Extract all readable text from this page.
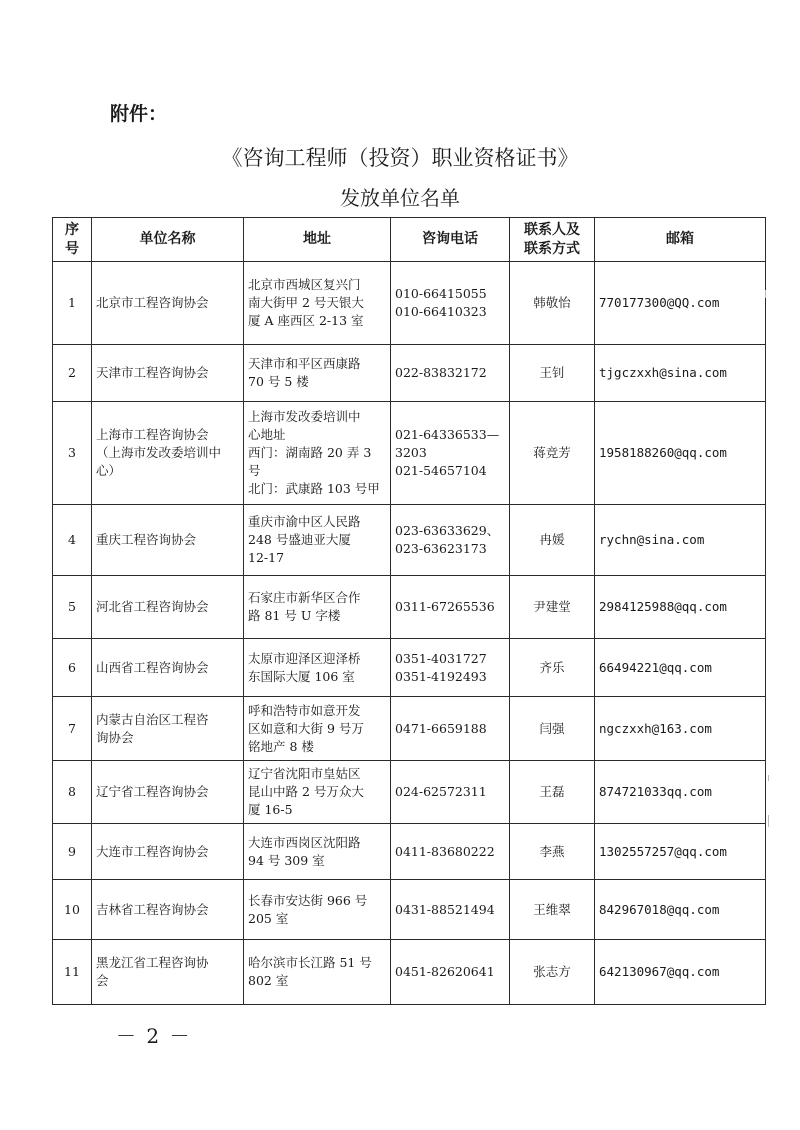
附件：
《咨询工程师（投资）职业资格证书》
发放单位名单
序
号	单位名称	地址	咨询电话	联系人及
联系方式	邮箱
1	北京市工程咨询协会	北京市西城区复兴门
南大街甲 2 号天银大
厦 A 座西区 2-13 室	010-66415055
010-66410323	韩敬怡	770177300@QQ.com
2	天津市工程咨询协会	天津市和平区西康路
70 号 5 楼	022-83832172	王钊	tjgczxxh@sina.com
3	上海市工程咨询协会
（上海市发改委培训中
心）	上海市发改委培训中
心地址
西门：湖南路 20 弄 3
号
北门：武康路 103 号甲	021-64336533—
3203
021-54657104	蒋竞芳	1958188260@qq.com
4	重庆工程咨询协会	重庆市渝中区人民路
248 号盛迪亚大厦
12-17	023-63633629、
023-63623173	冉媛	rychn@sina.com
5	河北省工程咨询协会	石家庄市新华区合作
路 81 号 U 字楼	0311-67265536	尹建堂	2984125988@qq.com
6	山西省工程咨询协会	太原市迎泽区迎泽桥
东国际大厦 106 室	0351-4031727
0351-4192493	齐乐	66494221@qq.com
7	内蒙古自治区工程咨
询协会	呼和浩特市如意开发
区如意和大街 9 号万
铭地产 8 楼	0471-6659188	闫强	ngczxxh@163.com
8	辽宁省工程咨询协会	辽宁省沈阳市皇姑区
昆山中路 2 号万众大
厦 16-5	024-62572311	王磊	874721033qq.com
9	大连市工程咨询协会	大连市西岗区沈阳路
94 号 309 室	0411-83680222	李燕	1302557257@qq.com
10	吉林省工程咨询协会	长春市安达街 966 号
205 室	0431-88521494	王维翠	842967018@qq.com
11	黑龙江省工程咨询协
会	哈尔滨市长江路 51 号
802 室	0451-82620641	张志方	642130967@qq.com
－ 2 －
